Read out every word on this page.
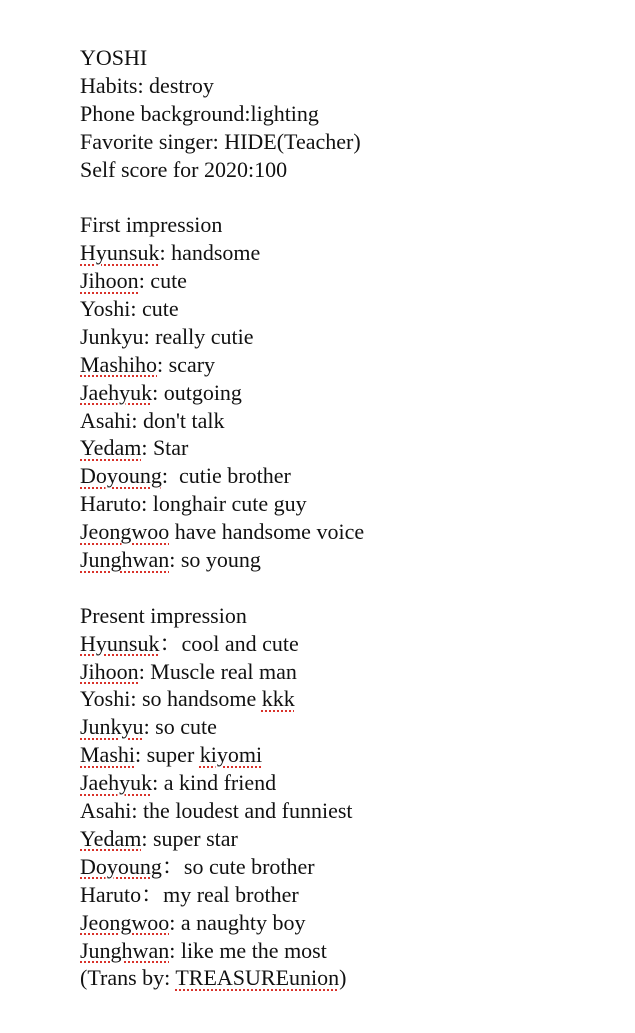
YOSHI
Habits: destroy
Phone background:lighting
Favorite singer: HIDE(Teacher)
Self score for 2020:100
First impression
Hyunsuk: handsome
Jihoon: cute
Yoshi: cute
Junkyu: really cutie
Mashiho: scary
Jaehyuk: outgoing
Asahi: don't talk
Yedam: Star
Doyoung:  cutie brother
Haruto: longhair cute guy
Jeongwoo have handsome voice
Junghwan: so young
Present impression
Hyunsuk：cool and cute
Jihoon: Muscle real man
Yoshi: so handsome kkk
Junkyu: so cute
Mashi: super kiyomi
Jaehyuk: a kind friend
Asahi: the loudest and funniest
Yedam: super star
Doyoung：so cute brother
Haruto：my real brother
Jeongwoo: a naughty boy
Junghwan: like me the most
(Trans by: TREASUREunion)
